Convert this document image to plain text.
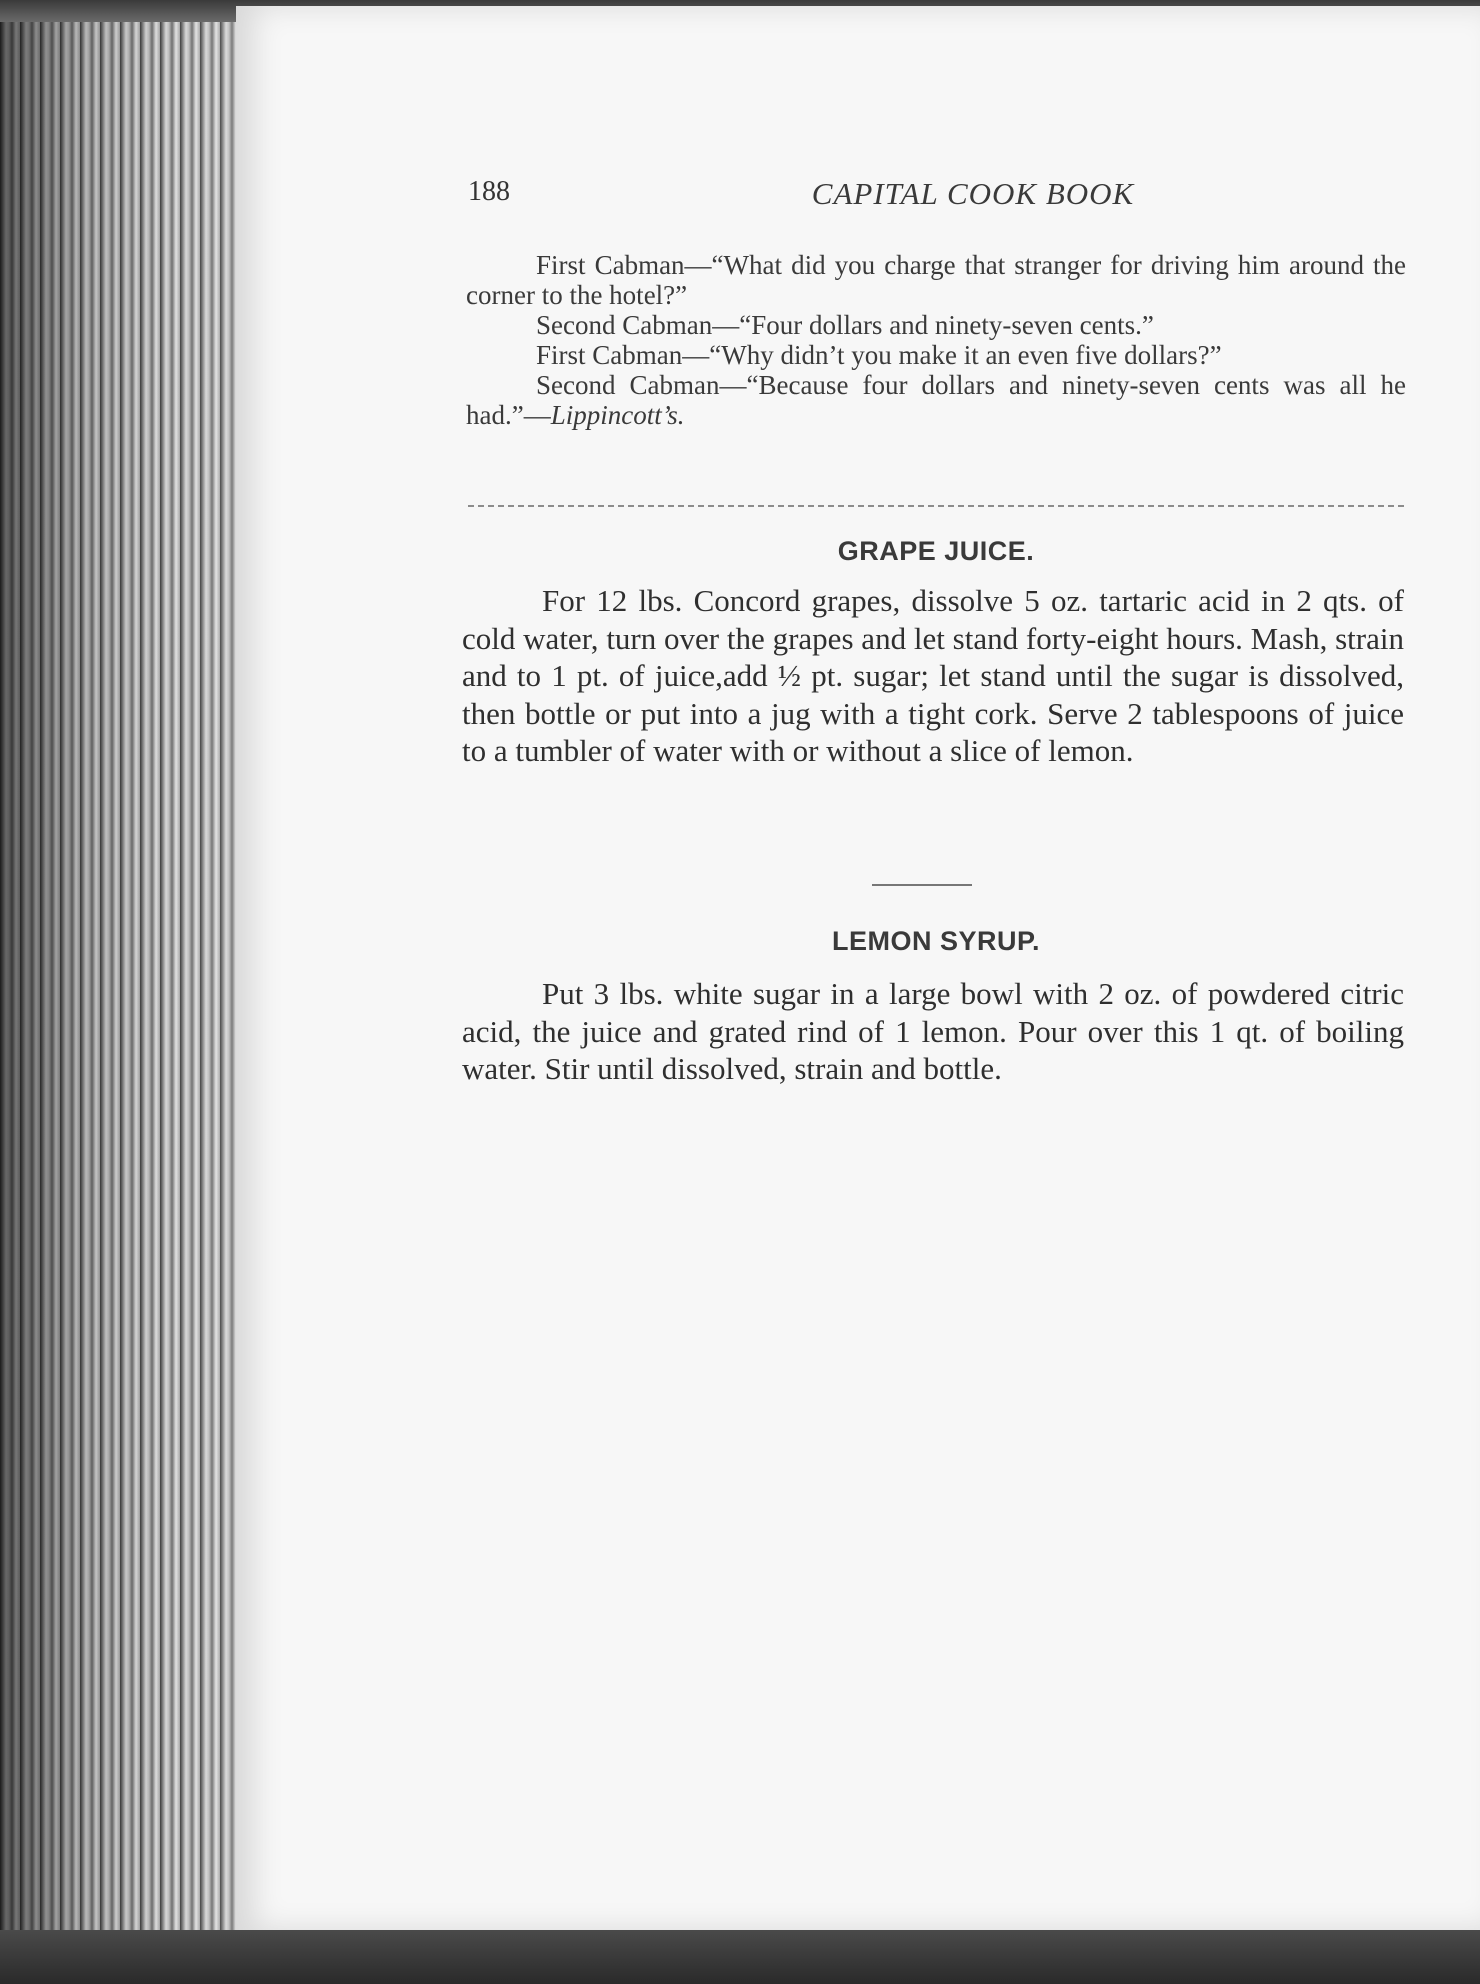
188	CAPITAL COOK BOOK

First Cabman—“What did you charge that stranger for driving him around the corner to the hotel?”

Second Cabman—“Four dollars and ninety-seven cents.”

First Cabman—“Why didn’t you make it an even five dollars?”

Second Cabman—“Because four dollars and ninety-seven cents was all he had.”—Lippincott’s.

GRAPE JUICE.

For 12 lbs. Concord grapes, dissolve 5 oz. tartaric acid in 2 qts. of cold water, turn over the grapes and let stand forty-eight hours. Mash, strain and to 1 pt. of juice,add ½ pt. sugar; let stand until the sugar is dissolved, then bottle or put into a jug with a tight cork. Serve 2 tablespoons of juice to a tumbler of water with or without a slice of lemon.

LEMON SYRUP.

Put 3 lbs. white sugar in a large bowl with 2 oz. of powdered citric acid, the juice and grated rind of 1 lemon. Pour over this 1 qt. of boiling water. Stir until dissolved, strain and bottle.
